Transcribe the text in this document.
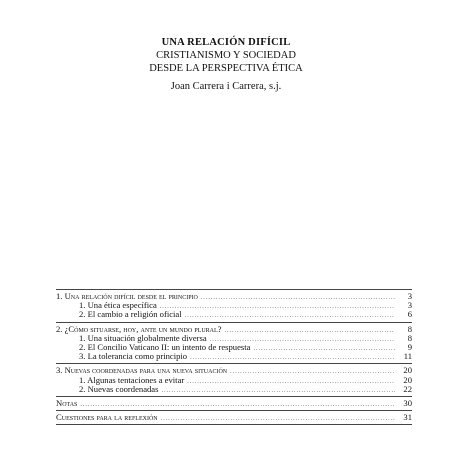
UNA RELACIÓN DIFÍCIL
CRISTIANISMO Y SOCIEDAD
DESDE LA PERSPECTIVA ÉTICA
Joan Carrera i Carrera, s.j.
1. Una relación difícil desde el principio .....	3
1. Una ética específica .....	3
2. El cambio a religión oficial .....	6
2. ¿Cómo situarse, hoy, ante un mundo plural? .....	8
1. Una situación globalmente diversa .....	8
2. El Concilio Vaticano II: un intento de respuesta .....	9
3. La tolerancia como principio .....	11
3. Nuevas coordenadas para una nueva situación .....	20
1. Algunas tentaciones a evitar .....	20
2. Nuevas coordenadas .....	22
Notas .....	30
Cuestiones para la reflexión .....	31
